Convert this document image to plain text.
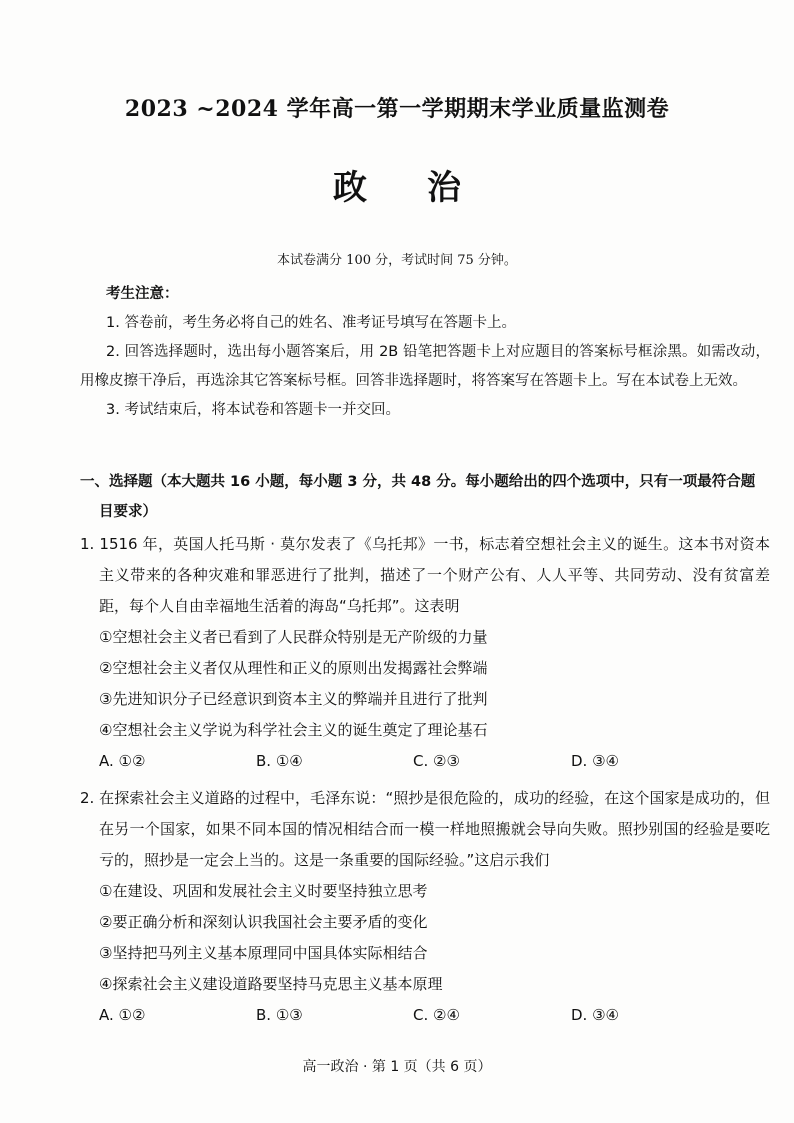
2023 ~2024 学年高一第一学期期末学业质量监测卷
政治
本试卷满分 100 分，考试时间 75 分钟。
考生注意：

1. 答卷前，考生务必将自己的姓名、准考证号填写在答题卡上。

2. 回答选择题时，选出每小题答案后，用 2B 铅笔把答题卡上对应题目的答案标号框涂黑。如需改动，用橡皮擦干净后，再选涂其它答案标号框。回答非选择题时，将答案写在答题卡上。写在本试卷上无效。

3. 考试结束后，将本试卷和答题卡一并交回。

一、选择题（本大题共 16 小题，每小题 3 分，共 48 分。每小题给出的四个选项中，只有一项最符合题
目要求）
1. 1516 年，英国人托马斯 · 莫尔发表了《乌托邦》一书，标志着空想社会主义的诞生。这本书对资本主义带来的各种灾难和罪恶进行了批判，描述了一个财产公有、人人平等、共同劳动、没有贫富差距，每个人自由幸福地生活着的海岛“乌托邦”。这表明
①空想社会主义者已看到了人民群众特别是无产阶级的力量
②空想社会主义者仅从理性和正义的原则出发揭露社会弊端
③先进知识分子已经意识到资本主义的弊端并且进行了批判
④空想社会主义学说为科学社会主义的诞生奠定了理论基石
A. ①②	B. ①④	C. ②③	D. ③④
2. 在探索社会主义道路的过程中，毛泽东说：“照抄是很危险的，成功的经验，在这个国家是成功的，但在另一个国家，如果不同本国的情况相结合而一模一样地照搬就会导向失败。照抄别国的经验是要吃亏的，照抄是一定会上当的。这是一条重要的国际经验。”这启示我们
①在建设、巩固和发展社会主义时要坚持独立思考
②要正确分析和深刻认识我国社会主要矛盾的变化
③坚持把马列主义基本原理同中国具体实际相结合
④探索社会主义建设道路要坚持马克思主义基本原理
A. ①②	B. ①③	C. ②④	D. ③④
高一政治 · 第 1 页（共 6 页）
